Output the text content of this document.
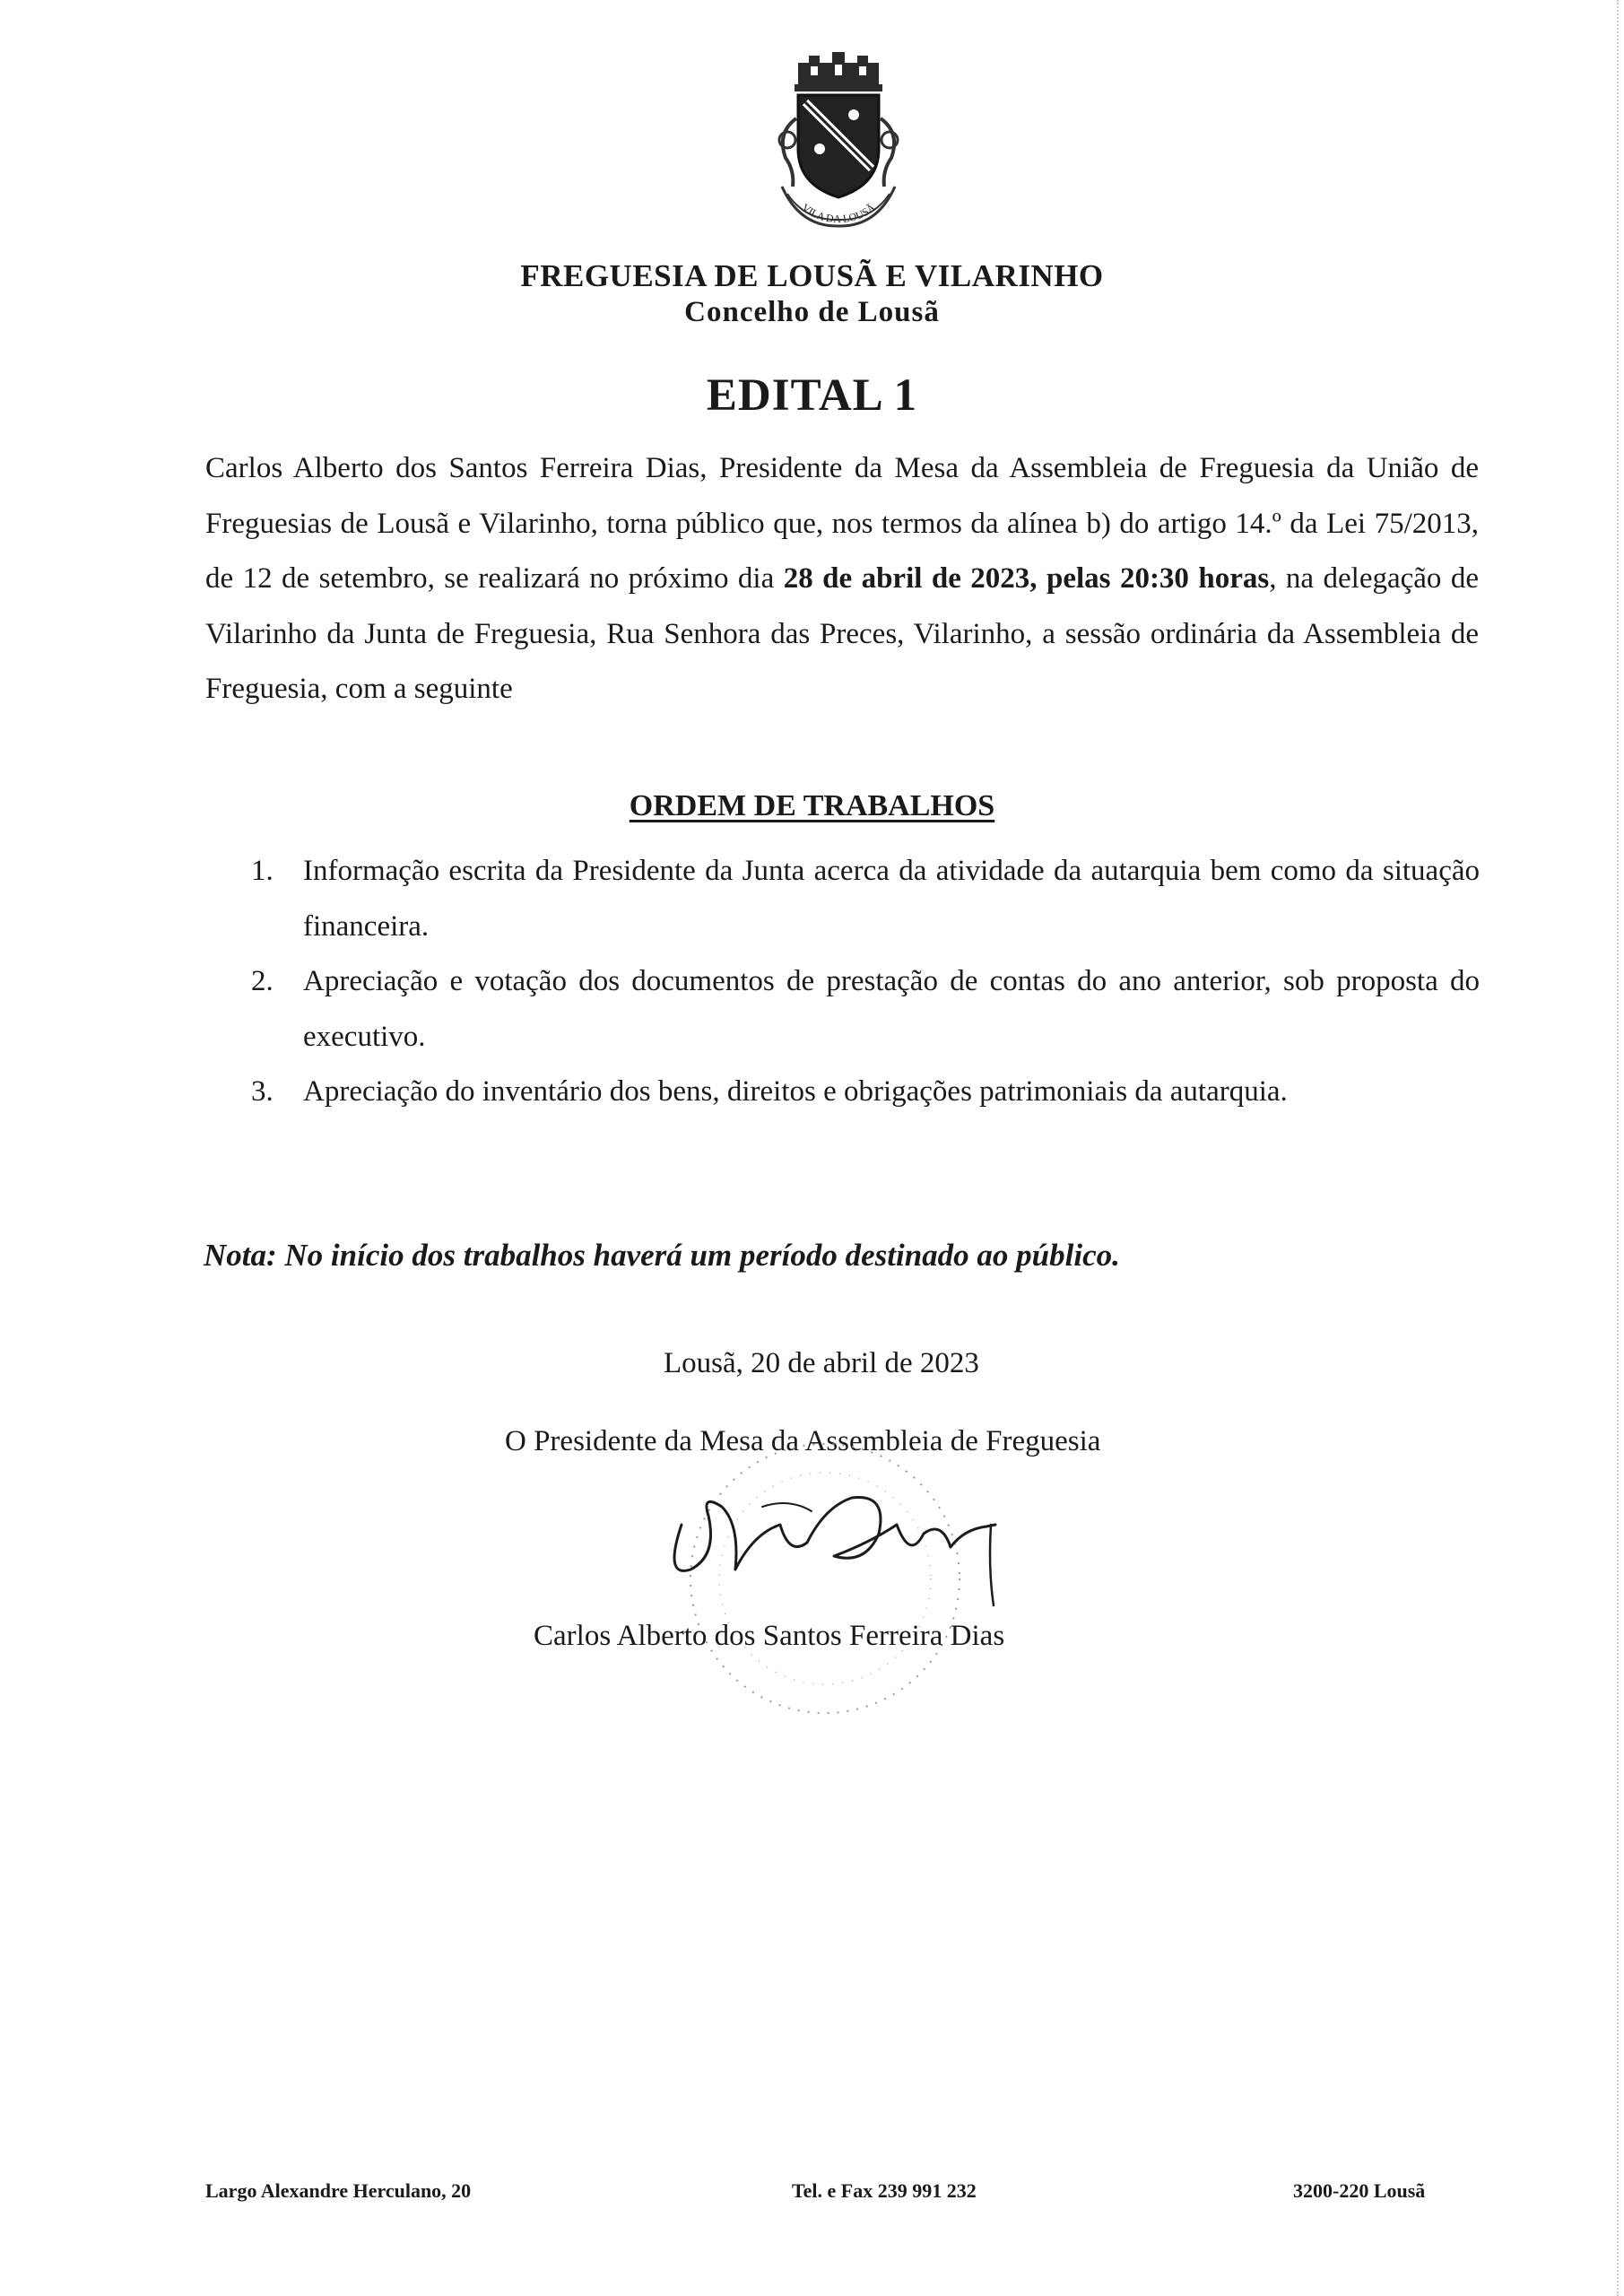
VILA DA LOUSÃ
FREGUESIA DE LOUSÃ E VILARINHO
Concelho de Lousã
EDITAL 1

Carlos Alberto dos Santos Ferreira Dias, Presidente da Mesa da Assembleia de Freguesia da União de Freguesias de Lousã e Vilarinho, torna público que, nos termos da alínea b) do artigo 14.º da Lei 75/2013, de 12 de setembro, se realizará no próximo dia 28 de abril de 2023, pelas 20:30 horas, na delegação de Vilarinho da Junta de Freguesia, Rua Senhora das Preces, Vilarinho, a sessão ordinária da Assembleia de Freguesia, com a seguinte

ORDEM DE TRABALHOS
1.	Informação escrita da Presidente da Junta acerca da atividade da autarquia bem como da situação financeira.
2.	Apreciação e votação dos documentos de prestação de contas do ano anterior, sob proposta do executivo.
3.	Apreciação do inventário dos bens, direitos e obrigações patrimoniais da autarquia.
Nota: No início dos trabalhos haverá um período destinado ao público.
Lousã, 20 de abril de 2023
O Presidente da Mesa da Assembleia de Freguesia
Carlos Alberto dos Santos Ferreira Dias
Largo Alexandre Herculano, 20	Tel. e Fax 239 991 232	3200-220 Lousã
